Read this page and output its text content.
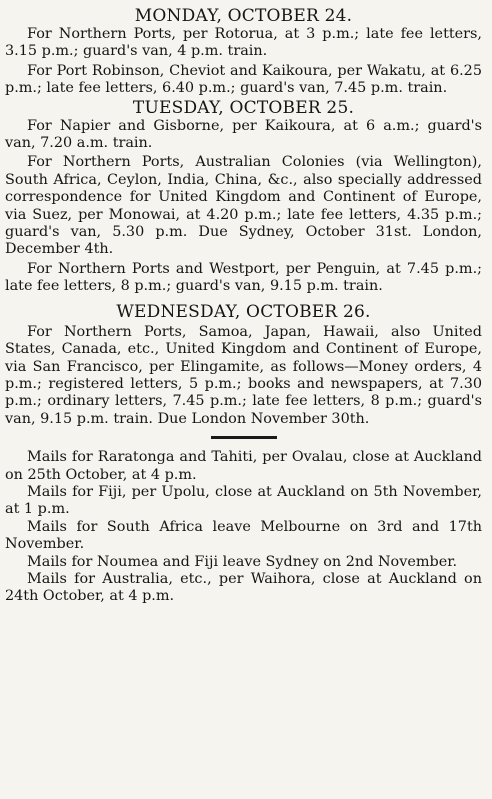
MONDAY, OCTOBER 24.

For Northern Ports, per Rotorua, at 3 p.m.; late fee letters, 3.15 p.m.; guard's van, 4 p.m. train.

For Port Robinson, Cheviot and Kaikoura, per Wakatu, at 6.25 p.m.; late fee letters, 6.40 p.m.; guard's van, 7.45 p.m. train.

TUESDAY, OCTOBER 25.

For Napier and Gisborne, per Kaikoura, at 6 a.m.; guard's van, 7.20 a.m. train.

For Northern Ports, Australian Colonies (via Wellington), South Africa, Ceylon, India, China, &c., also specially addressed correspondence for United Kingdom and Continent of Europe, via Suez, per Monowai, at 4.20 p.m.; late fee letters, 4.35 p.m.; guard's van, 5.30 p.m. Due Sydney, October 31st. London, December 4th.

For Northern Ports and Westport, per Penguin, at 7.45 p.m.; late fee letters, 8 p.m.; guard's van, 9.15 p.m. train.

WEDNESDAY, OCTOBER 26.

For Northern Ports, Samoa, Japan, Hawaii, also United States, Canada, etc., United Kingdom and Continent of Europe, via San Francisco, per Elingamite, as follows—Money orders, 4 p.m.; registered letters, 5 p.m.; books and newspapers, at 7.30 p.m.; ordinary letters, 7.45 p.m.; late fee letters, 8 p.m.; guard's van, 9.15 p.m. train. Due London November 30th.

Mails for Raratonga and Tahiti, per Ovalau, close at Auckland on 25th October, at 4 p.m.

Mails for Fiji, per Upolu, close at Auckland on 5th November, at 1 p.m.

Mails for South Africa leave Melbourne on 3rd and 17th November.

Mails for Noumea and Fiji leave Sydney on 2nd November.

Mails for Australia, etc., per Waihora, close at Auckland on 24th October, at 4 p.m.
